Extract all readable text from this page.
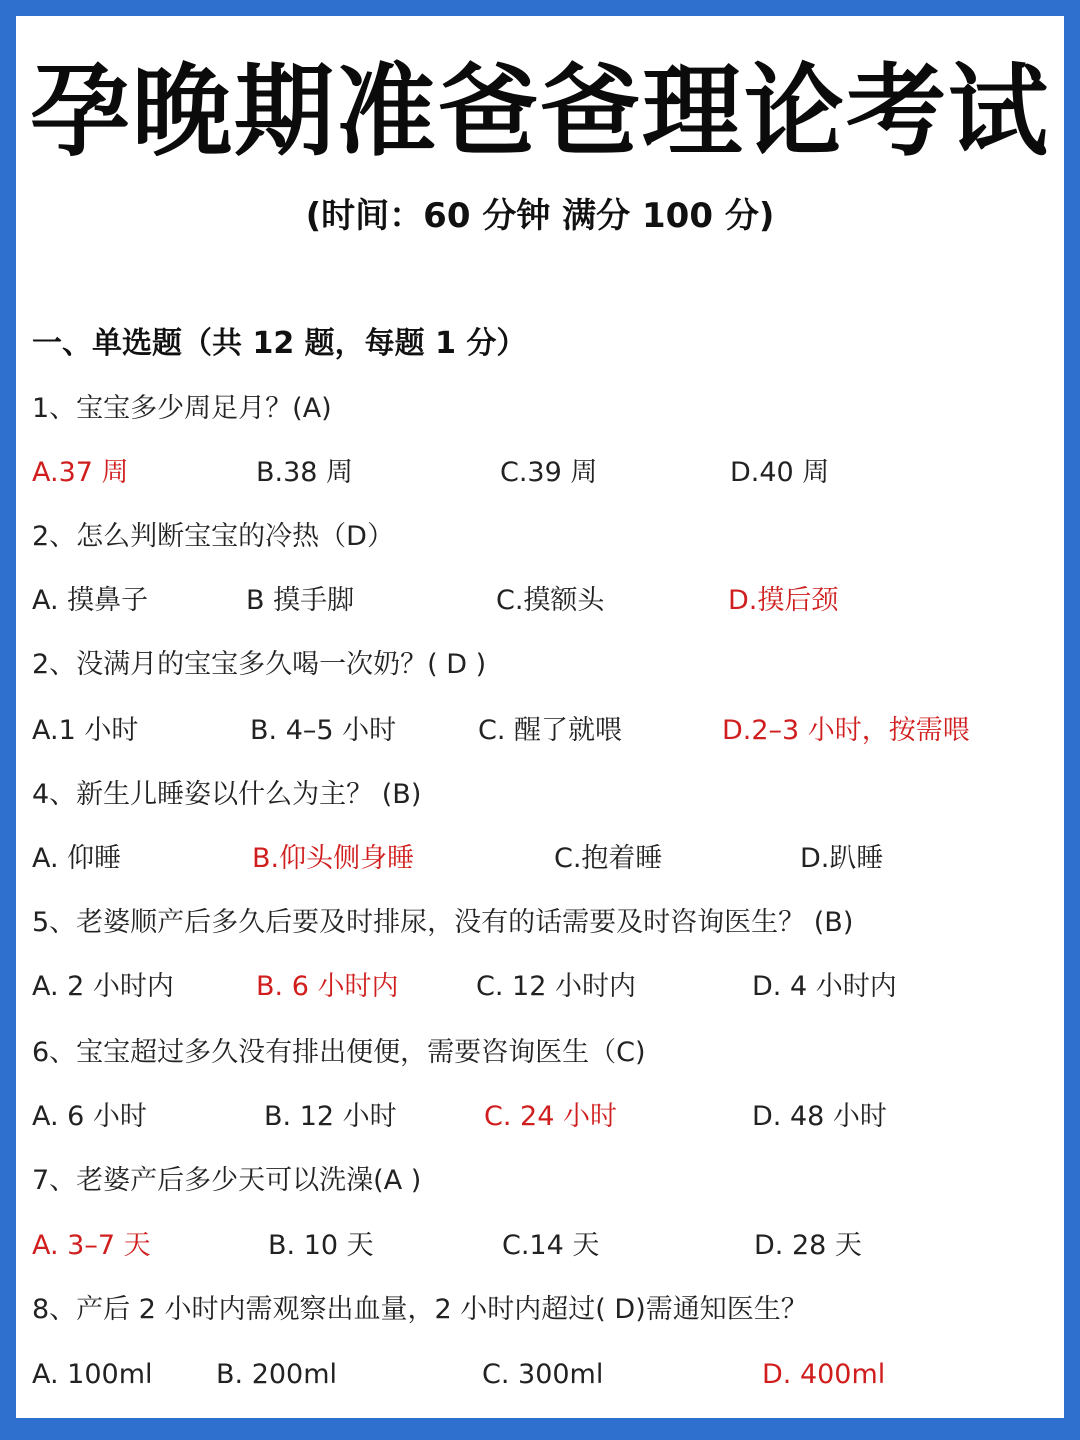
孕晚期准爸爸理论考试
(时间：60 分钟 满分 100 分)
一、单选题（共 12 题，每题 1 分）
1、宝宝多少周足月？(A)
A.37 周	B.38 周	C.39 周	D.40 周
2、怎么判断宝宝的冷热（D）
A. 摸鼻子	B 摸手脚	C.摸额头	D.摸后颈
2、没满月的宝宝多久喝一次奶？( D )
A.1 小时	B. 4–5 小时	C. 醒了就喂	D.2–3 小时，按需喂
4、新生儿睡姿以什么为主？ (B)
A. 仰睡	B.仰头侧身睡	C.抱着睡	D.趴睡
5、老婆顺产后多久后要及时排尿，没有的话需要及时咨询医生？ (B)
A. 2 小时内	B. 6 小时内	C. 12 小时内	D. 4 小时内
6、宝宝超过多久没有排出便便，需要咨询医生（C)
A. 6 小时	B. 12 小时	C. 24 小时	D. 48 小时
7、老婆产后多少天可以洗澡(A )
A. 3–7 天	B. 10 天	C.14 天	D. 28 天
8、产后 2 小时内需观察出血量，2 小时内超过( D)需通知医生？
A. 100ml B. 200ml	C. 300ml	D. 400ml
